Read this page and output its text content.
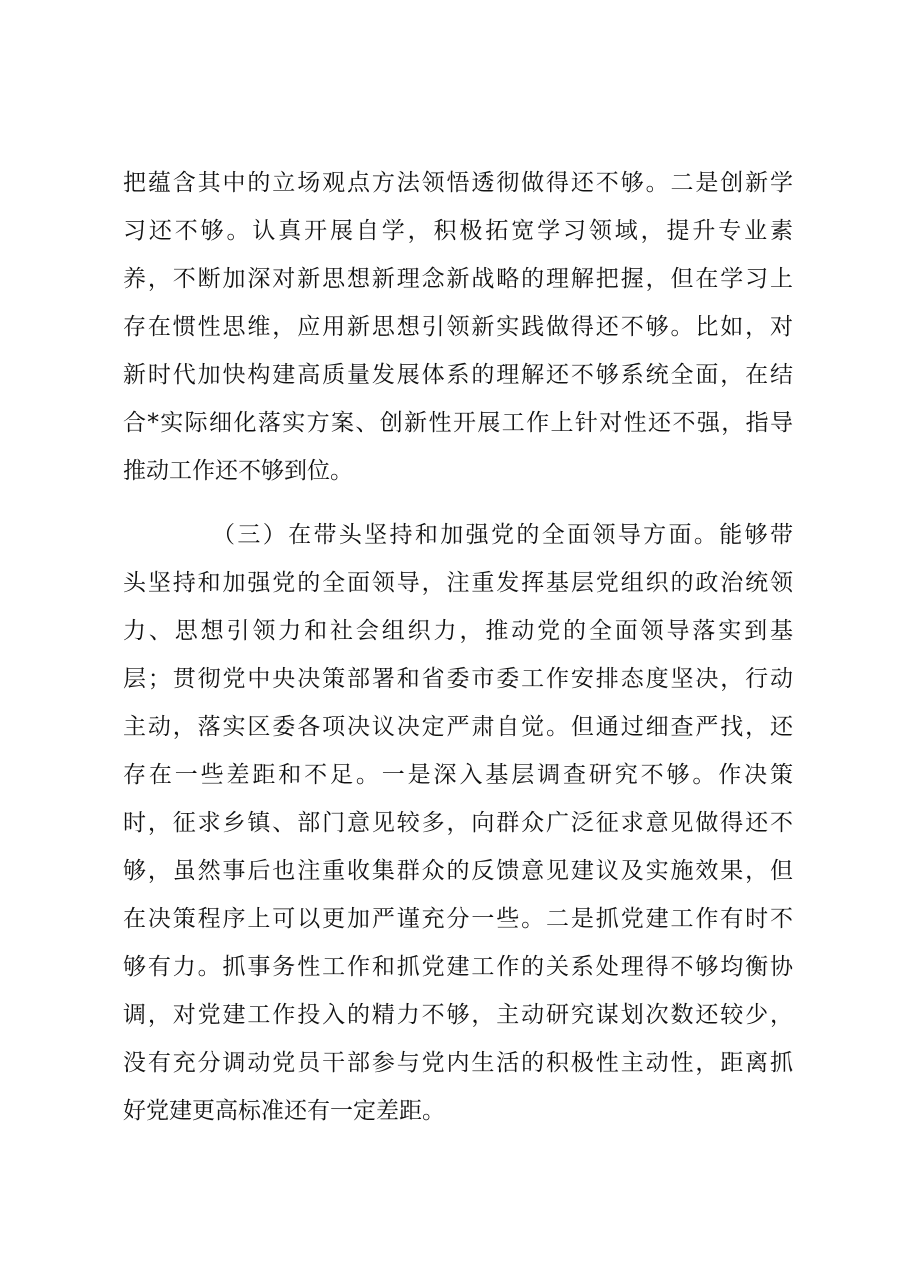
把蕴含其中的立场观点方法领悟透彻做得还不够。二是创新学
习还不够。认真开展自学，积极拓宽学习领域，提升专业素
养，不断加深对新思想新理念新战略的理解把握，但在学习上
存在惯性思维，应用新思想引领新实践做得还不够。比如，对
新时代加快构建高质量发展体系的理解还不够系统全面，在结
合*实际细化落实方案、创新性开展工作上针对性还不强，指导
推动工作还不够到位。
（三）在带头坚持和加强党的全面领导方面。能够带
头坚持和加强党的全面领导，注重发挥基层党组织的政治统领
力、思想引领力和社会组织力，推动党的全面领导落实到基
层；贯彻党中央决策部署和省委市委工作安排态度坚决，行动
主动，落实区委各项决议决定严肃自觉。但通过细查严找，还
存在一些差距和不足。一是深入基层调查研究不够。作决策
时，征求乡镇、部门意见较多，向群众广泛征求意见做得还不
够，虽然事后也注重收集群众的反馈意见建议及实施效果，但
在决策程序上可以更加严谨充分一些。二是抓党建工作有时不
够有力。抓事务性工作和抓党建工作的关系处理得不够均衡协
调，对党建工作投入的精力不够，主动研究谋划次数还较少，
没有充分调动党员干部参与党内生活的积极性主动性，距离抓
好党建更高标准还有一定差距。
